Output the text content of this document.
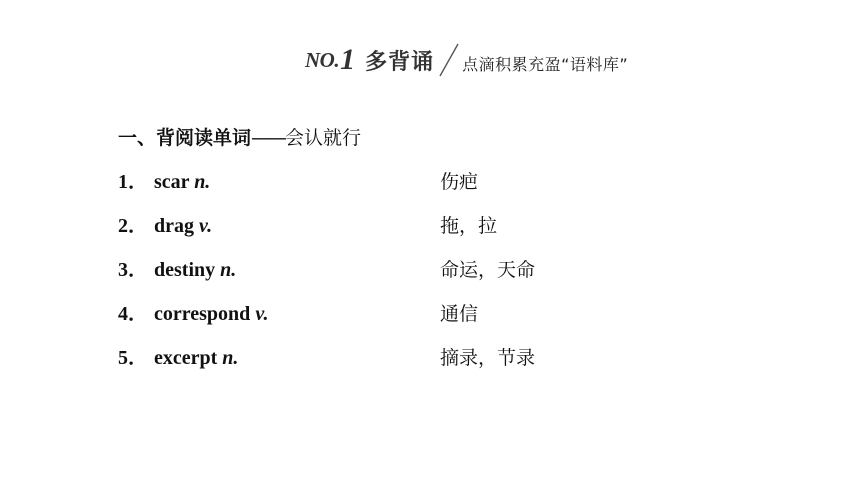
NO. 1 多背诵 点滴积累充盈“语料库”
一、背阅读单词——会认就行
1． scar n.	伤疤
2． drag v.	拖，拉
3． destiny n.	命运，天命
4． correspond v.	通信
5． excerpt n.	摘录，节录
